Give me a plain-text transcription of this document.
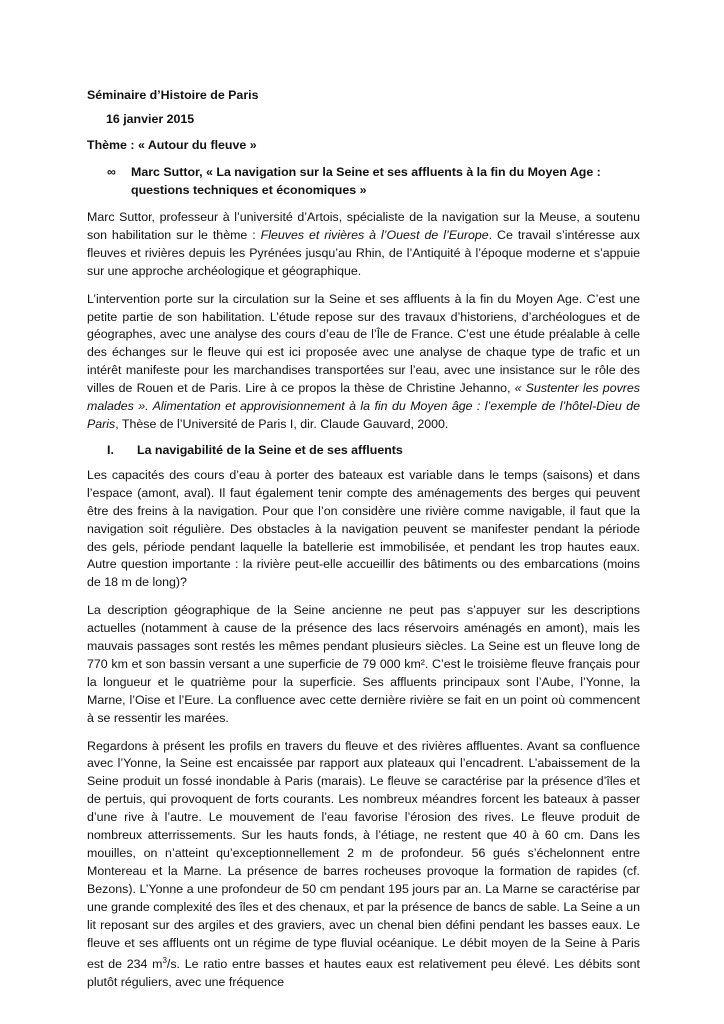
Séminaire d’Histoire de Paris

16 janvier 2015

Thème : « Autour du fleuve »

∞	Marc Suttor, « La navigation sur la Seine et ses affluents à la fin du Moyen Age : questions techniques et économiques »

Marc Suttor, professeur à l’université d’Artois, spécialiste de la navigation sur la Meuse, a soutenu son habilitation sur le thème : Fleuves et rivières à l’Ouest de l’Europe. Ce travail s’intéresse aux fleuves et rivières depuis les Pyrénées jusqu’au Rhin, de l’Antiquité à l’époque moderne et s’appuie sur une approche archéologique et géographique.

L’intervention porte sur la circulation sur la Seine et ses affluents à la fin du Moyen Age. C’est une petite partie de son habilitation. L’étude repose sur des travaux d’historiens, d’archéologues et de géographes, avec une analyse des cours d’eau de l’Île de France. C’est une étude préalable à celle des échanges sur le fleuve qui est ici proposée avec une analyse de chaque type de trafic et un intérêt manifeste pour les marchandises transportées sur l’eau, avec une insistance sur le rôle des villes de Rouen et de Paris. Lire à ce propos la thèse de Christine Jehanno, « Sustenter les povres malades ». Alimentation et approvisionnement à la fin du Moyen âge : l’exemple de l’hôtel-Dieu de Paris, Thèse de l’Université de Paris I, dir. Claude Gauvard, 2000.

I.	La navigabilité de la Seine et de ses affluents

Les capacités des cours d’eau à porter des bateaux est variable dans le temps (saisons) et dans l’espace (amont, aval). Il faut également tenir compte des aménagements des berges qui peuvent être des freins à la navigation. Pour que l’on considère une rivière comme navigable, il faut que la navigation soit régulière. Des obstacles à la navigation peuvent se manifester pendant la période des gels, période pendant laquelle la batellerie est immobilisée, et pendant les trop hautes eaux. Autre question importante : la rivière peut-elle accueillir des bâtiments ou des embarcations (moins de 18 m de long)?

La description géographique de la Seine ancienne ne peut pas s’appuyer sur les descriptions actuelles (notamment à cause de la présence des lacs réservoirs aménagés en amont), mais les mauvais passages sont restés les mêmes pendant plusieurs siècles. La Seine est un fleuve long de 770 km et son bassin versant a une superficie de 79 000 km². C’est le troisième fleuve français pour la longueur et le quatrième pour la superficie. Ses affluents principaux sont l’Aube, l’Yonne, la Marne, l’Oise et l’Eure. La confluence avec cette dernière rivière se fait en un point où commencent à se ressentir les marées.

Regardons à présent les profils en travers du fleuve et des rivières affluentes. Avant sa confluence avec l’Yonne, la Seine est encaissée par rapport aux plateaux qui l’encadrent. L’abaissement de la Seine produit un fossé inondable à Paris (marais). Le fleuve se caractérise par la présence d’îles et de pertuis, qui provoquent de forts courants. Les nombreux méandres forcent les bateaux à passer d’une rive à l’autre. Le mouvement de l’eau favorise l’érosion des rives. Le fleuve produit de nombreux atterrissements. Sur les hauts fonds, à l’étiage, ne restent que 40 à 60 cm. Dans les mouilles, on n’atteint qu’exceptionnellement 2 m de profondeur. 56 gués s’échelonnent entre Montereau et la Marne. La présence de barres rocheuses provoque la formation de rapides (cf. Bezons). L’Yonne a une profondeur de 50 cm pendant 195 jours par an. La Marne se caractérise par une grande complexité des îles et des chenaux, et par la présence de bancs de sable. La Seine a un lit reposant sur des argiles et des graviers, avec un chenal bien défini pendant les basses eaux. Le fleuve et ses affluents ont un régime de type fluvial océanique. Le débit moyen de la Seine à Paris est de 234 $m^3/s$. Le ratio entre basses et hautes eaux est relativement peu élevé. Les débits sont plutôt réguliers, avec une fréquence
